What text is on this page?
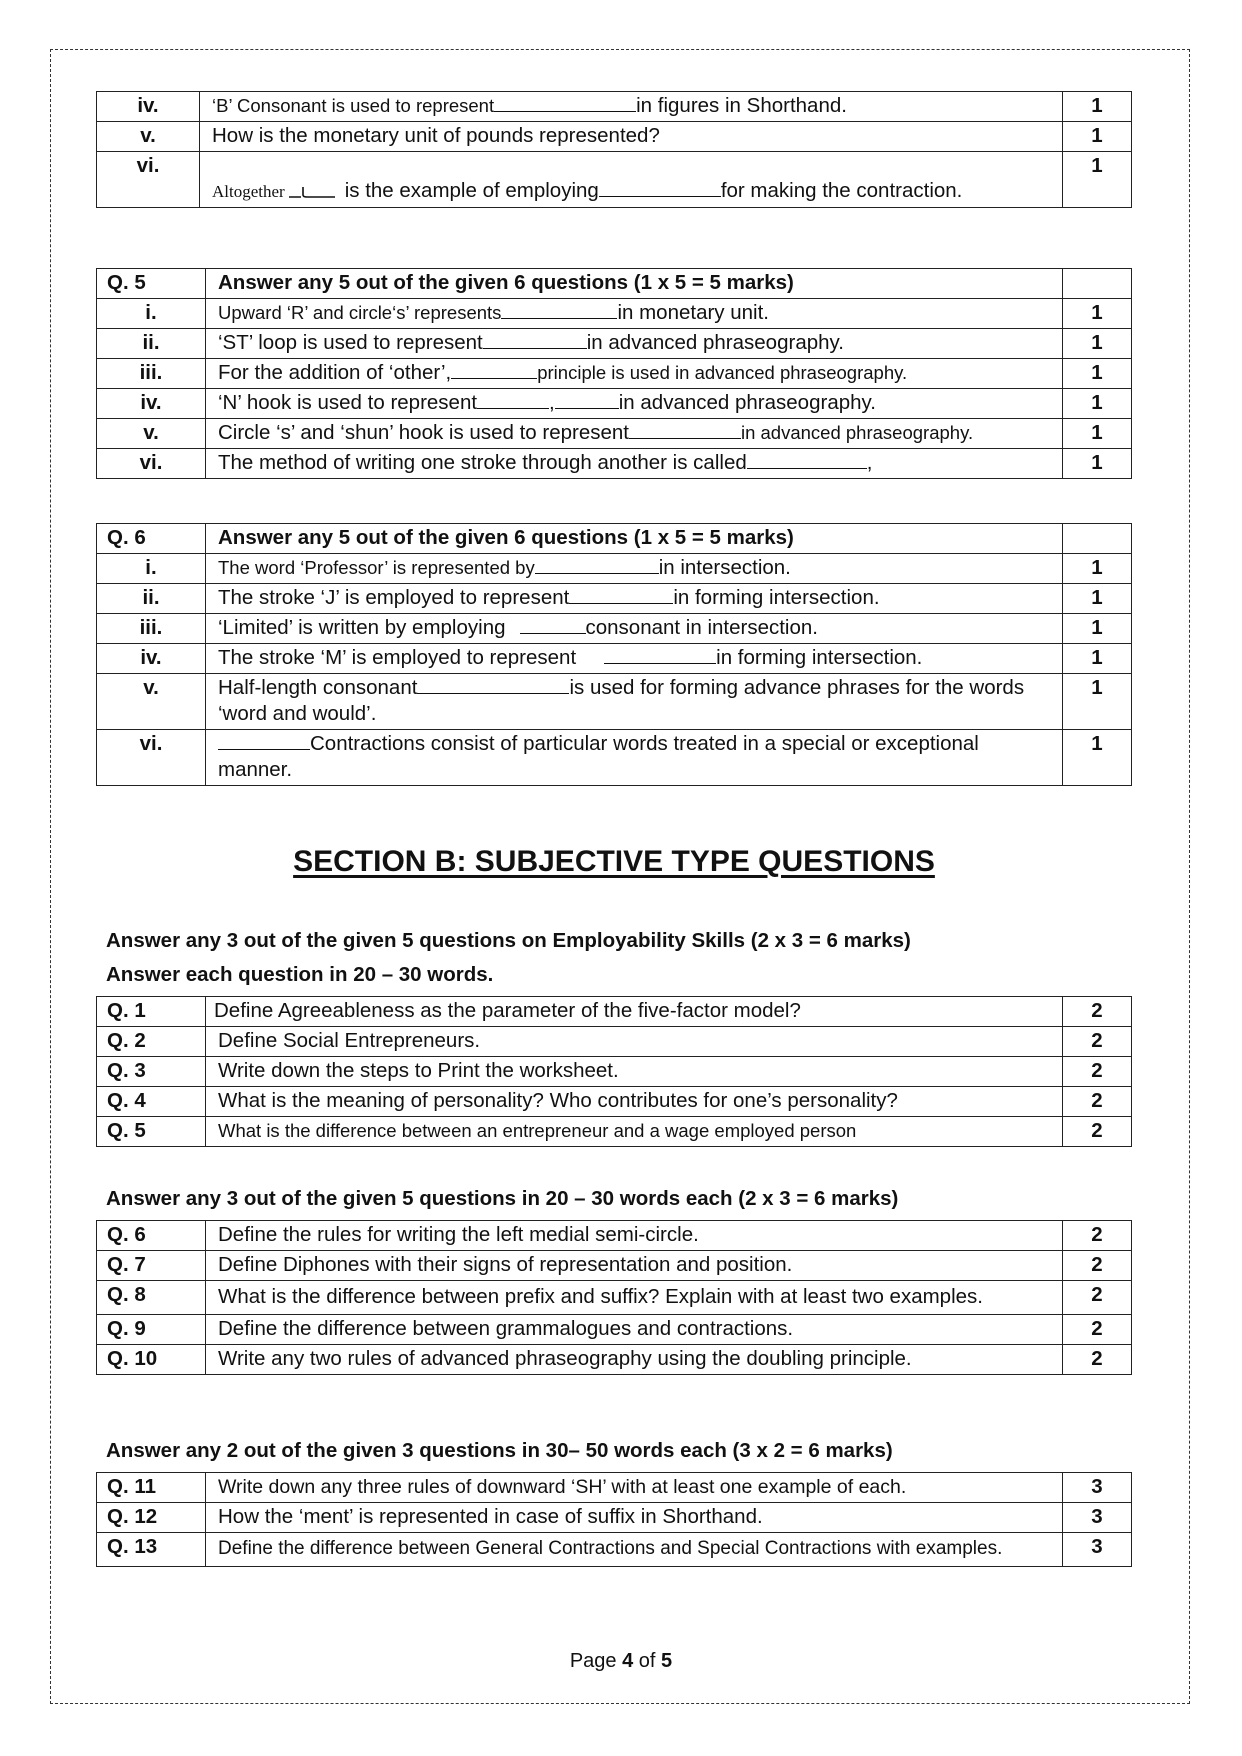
iv.	‘B’ Consonant is used to represent in figures in Shorthand.	1
v.	How is the monetary unit of pounds represented?	1
vi.	Altogether is the example of employing for making the contraction.	1
Q. 5	Answer any 5 out of the given 6 questions (1 x 5 = 5 marks)	
i.	Upward ‘R’ and circle‘s’ represents in monetary unit.	1
ii.	‘ST’ loop is used to represent in advanced phraseography.	1
iii.	For the addition of ‘other’, principle is used in advanced phraseography.	1
iv.	‘N’ hook is used to represent , in advanced phraseography.	1
v.	Circle ‘s’ and ‘shun’ hook is used to represent in advanced phraseography.	1
vi.	The method of writing one stroke through another is called ,	1
Q. 6	Answer any 5 out of the given 6 questions (1 x 5 = 5 marks)	
i.	The word ‘Professor’ is represented by in intersection.	1
ii.	The stroke ‘J’ is employed to represent in forming intersection.	1
iii.	‘Limited’ is written by employing consonant in intersection.	1
iv.	The stroke ‘M’ is employed to represent in forming intersection.	1
v.	Half-length consonant is used for forming advance phrases for the words ‘word and would’.	1
vi.	Contractions consist of particular words treated in a special or exceptional manner.	1
SECTION B: SUBJECTIVE TYPE QUESTIONS
Answer any 3 out of the given 5 questions on Employability Skills (2 x 3 = 6 marks)
Answer each question in 20 – 30 words.
Q. 1	Define Agreeableness as the parameter of the five-factor model?	2
Q. 2	Define Social Entrepreneurs.	2
Q. 3	Write down the steps to Print the worksheet.	2
Q. 4	What is the meaning of personality? Who contributes for one’s personality?	2
Q. 5	What is the difference between an entrepreneur and a wage employed person	2
Answer any 3 out of the given 5 questions in 20 – 30 words each (2 x 3 = 6 marks)
Q. 6	Define the rules for writing the left medial semi-circle.	2
Q. 7	Define Diphones with their signs of representation and position.	2
Q. 8	What is the difference between prefix and suffix? Explain with at least two examples.	2
Q. 9	Define the difference between grammalogues and contractions.	2
Q. 10	Write any two rules of advanced phraseography using the doubling principle.	2
Answer any 2 out of the given 3 questions in 30– 50 words each (3 x 2 = 6 marks)
Q. 11	Write down any three rules of downward ‘SH’ with at least one example of each.	3
Q. 12	How the ‘ment’ is represented in case of suffix in Shorthand.	3
Q. 13	Define the difference between General Contractions and Special Contractions with examples.	3
Page 4 of 5
